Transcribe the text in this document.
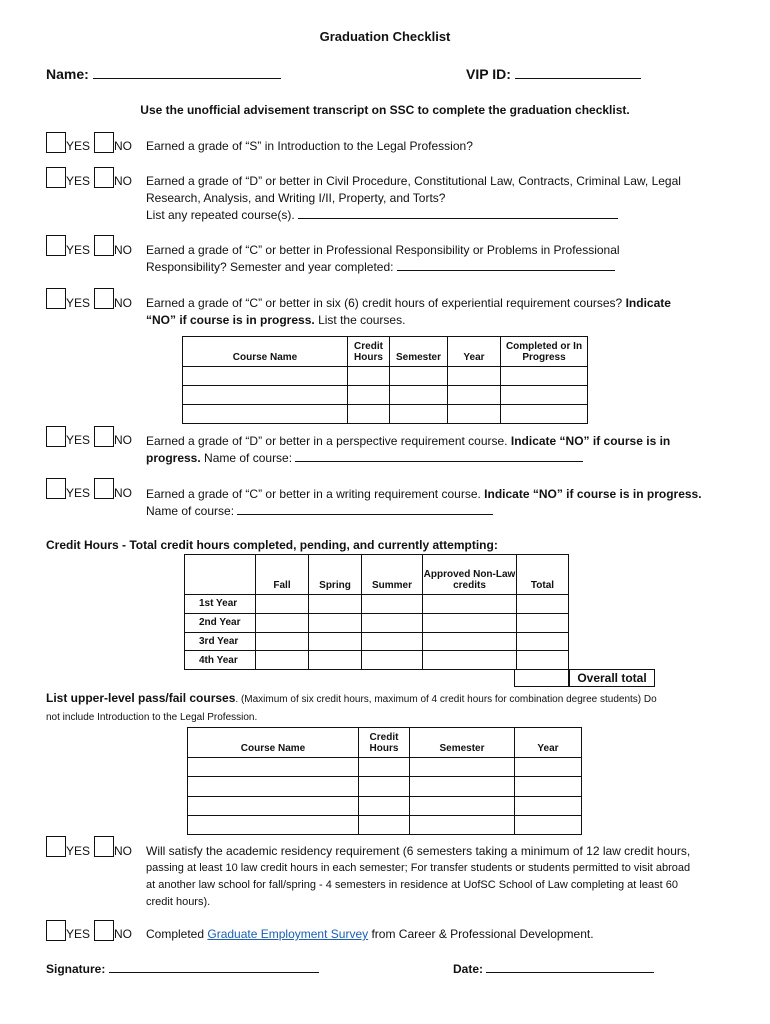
Graduation Checklist
Name:	VIP ID:
Use the unofficial advisement transcript on SSC to complete the graduation checklist.
YES NO Earned a grade of “S” in Introduction to the Legal Profession?
YES NO Earned a grade of “D” or better in Civil Procedure, Constitutional Law, Contracts, Criminal Law, Legal
Research, Analysis, and Writing I/II, Property, and Torts?
List any repeated course(s).
YES NO Earned a grade of “C” or better in Professional Responsibility or Problems in Professional
Responsibility? Semester and year completed:
YES NO Earned a grade of “C” or better in six (6) credit hours of experiential requirement courses? Indicate
“NO” if course is in progress. List the courses.
Course Name	Credit Hours	Semester	Year	Completed or In Progress

YES NO Earned a grade of “D” or better in a perspective requirement course. Indicate “NO” if course is in
progress. Name of course:
YES NO Earned a grade of “C” or better in a writing requirement course. Indicate “NO” if course is in progress.
Name of course:
Credit Hours - Total credit hours completed, pending, and currently attempting:
	Fall	Spring	Summer	Approved Non-Law credits	Total
1st Year					
2nd Year					
3rd Year					
4th Year					
Overall total
List upper-level pass/fail courses. (Maximum of six credit hours, maximum of 4 credit hours for combination degree students) Do
not include Introduction to the Legal Profession.
Course Name	Credit Hours	Semester	Year

YES NO Will satisfy the academic residency requirement (6 semesters taking a minimum of 12 law credit hours,
passing at least 10 law credit hours in each semester; For transfer students or students permitted to visit abroad
at another law school for fall/spring - 4 semesters in residence at UofSC School of Law completing at least 60
credit hours).
YES NO Completed Graduate Employment Survey from Career & Professional Development.
Signature:	Date:
